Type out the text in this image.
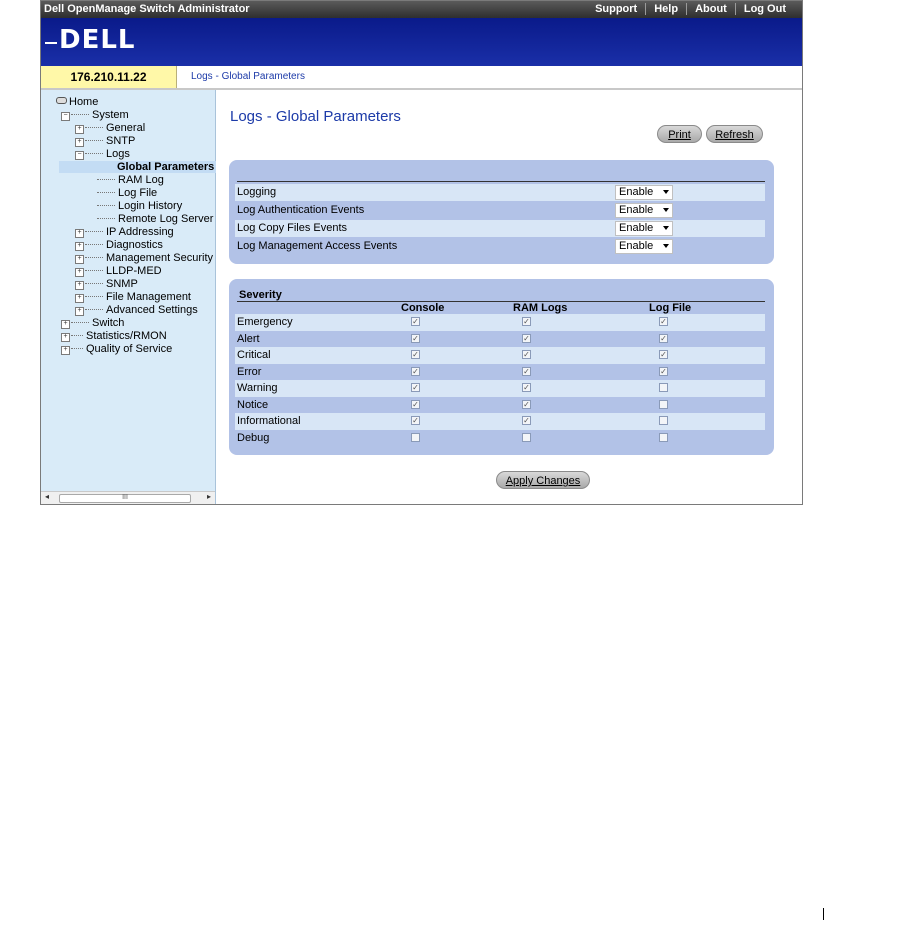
Dell OpenManage Switch Administrator	Support	Help	About	Log Out
DELL
176.210.11.22	Logs - Global Parameters
Home
− System
+ General
+ SNTP
− Logs
Global Parameters
RAM Log
Log File
Login History
Remote Log Server
+ IP Addressing
+ Diagnostics
+ Management Security
+ LLDP-MED
+ SNMP
+ File Management
+ Advanced Settings
+ Switch
+ Statistics/RMON
+ Quality of Service
◂	III	▸
Logs - Global Parameters
Print	Refresh
Logging	Enable
Log Authentication Events	Enable
Log Copy Files Events	Enable
Log Management Access Events	Enable
Severity
Console	RAM Logs	Log File
Emergency	✓	✓	✓
Alert	✓	✓	✓
Critical	✓	✓	✓
Error	✓	✓	✓
Warning	✓	✓
Notice	✓	✓
Informational	✓	✓
Debug
Apply Changes
